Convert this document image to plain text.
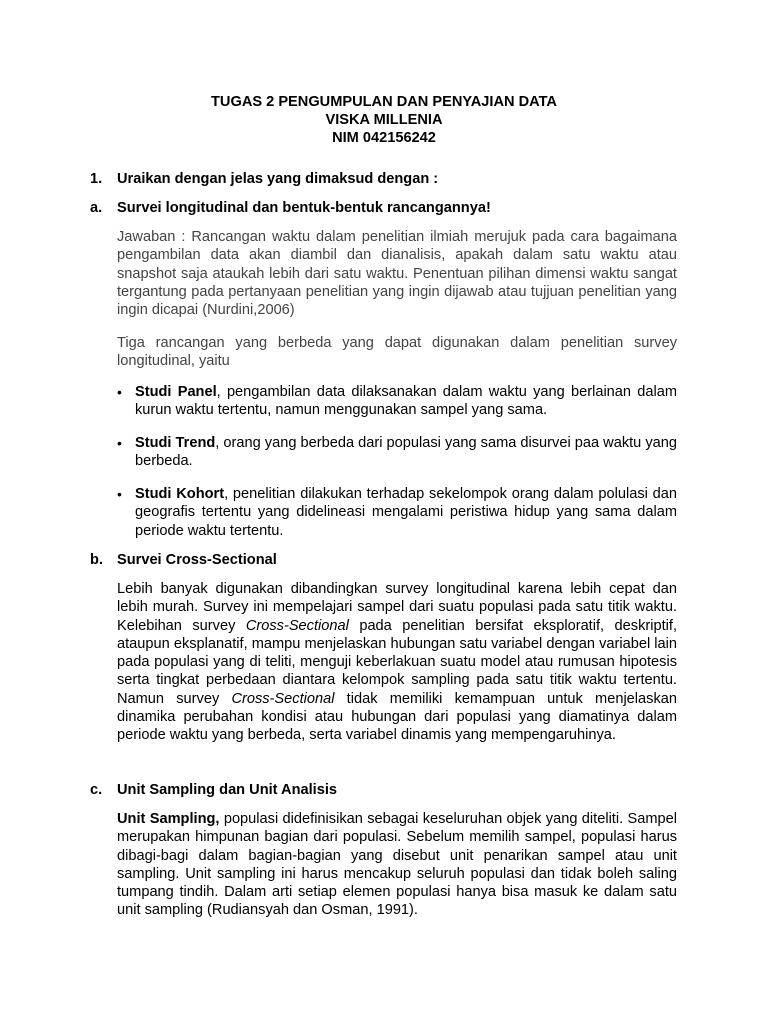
TUGAS 2 PENGUMPULAN DAN PENYAJIAN DATA
VISKA MILLENIA
NIM 042156242
1. Uraikan dengan jelas yang dimaksud dengan :
a. Survei longitudinal dan bentuk-bentuk rancangannya!
Jawaban : Rancangan waktu dalam penelitian ilmiah merujuk pada cara bagaimana pengambilan data akan diambil dan dianalisis, apakah dalam satu waktu atau snapshot saja ataukah lebih dari satu waktu. Penentuan pilihan dimensi waktu sangat tergantung pada pertanyaan penelitian yang ingin dijawab atau tujjuan penelitian yang ingin dicapai (Nurdini,2006)
Tiga rancangan yang berbeda yang dapat digunakan dalam penelitian survey longitudinal, yaitu
• Studi Panel, pengambilan data dilaksanakan dalam waktu yang berlainan dalam kurun waktu tertentu, namun menggunakan sampel yang sama.
• Studi Trend, orang yang berbeda dari populasi yang sama disurvei paa waktu yang berbeda.
• Studi Kohort, penelitian dilakukan terhadap sekelompok orang dalam polulasi dan geografis tertentu yang didelineasi mengalami peristiwa hidup yang sama dalam periode waktu tertentu.
b. Survei Cross-Sectional
Lebih banyak digunakan dibandingkan survey longitudinal karena lebih cepat dan lebih murah. Survey ini mempelajari sampel dari suatu populasi pada satu titik waktu. Kelebihan survey Cross-Sectional pada penelitian bersifat eksploratif, deskriptif, ataupun eksplanatif, mampu menjelaskan hubungan satu variabel dengan variabel lain pada populasi yang di teliti, menguji keberlakuan suatu model atau rumusan hipotesis serta tingkat perbedaan diantara kelompok sampling pada satu titik waktu tertentu. Namun survey Cross-Sectional tidak memiliki kemampuan untuk menjelaskan dinamika perubahan kondisi atau hubungan dari populasi yang diamatinya dalam periode waktu yang berbeda, serta variabel dinamis yang mempengaruhinya.
c. Unit Sampling dan Unit Analisis
Unit Sampling, populasi didefinisikan sebagai keseluruhan objek yang diteliti. Sampel merupakan himpunan bagian dari populasi. Sebelum memilih sampel, populasi harus dibagi-bagi dalam bagian-bagian yang disebut unit penarikan sampel atau unit sampling. Unit sampling ini harus mencakup seluruh populasi dan tidak boleh saling tumpang tindih. Dalam arti setiap elemen populasi hanya bisa masuk ke dalam satu unit sampling (Rudiansyah dan Osman, 1991).
